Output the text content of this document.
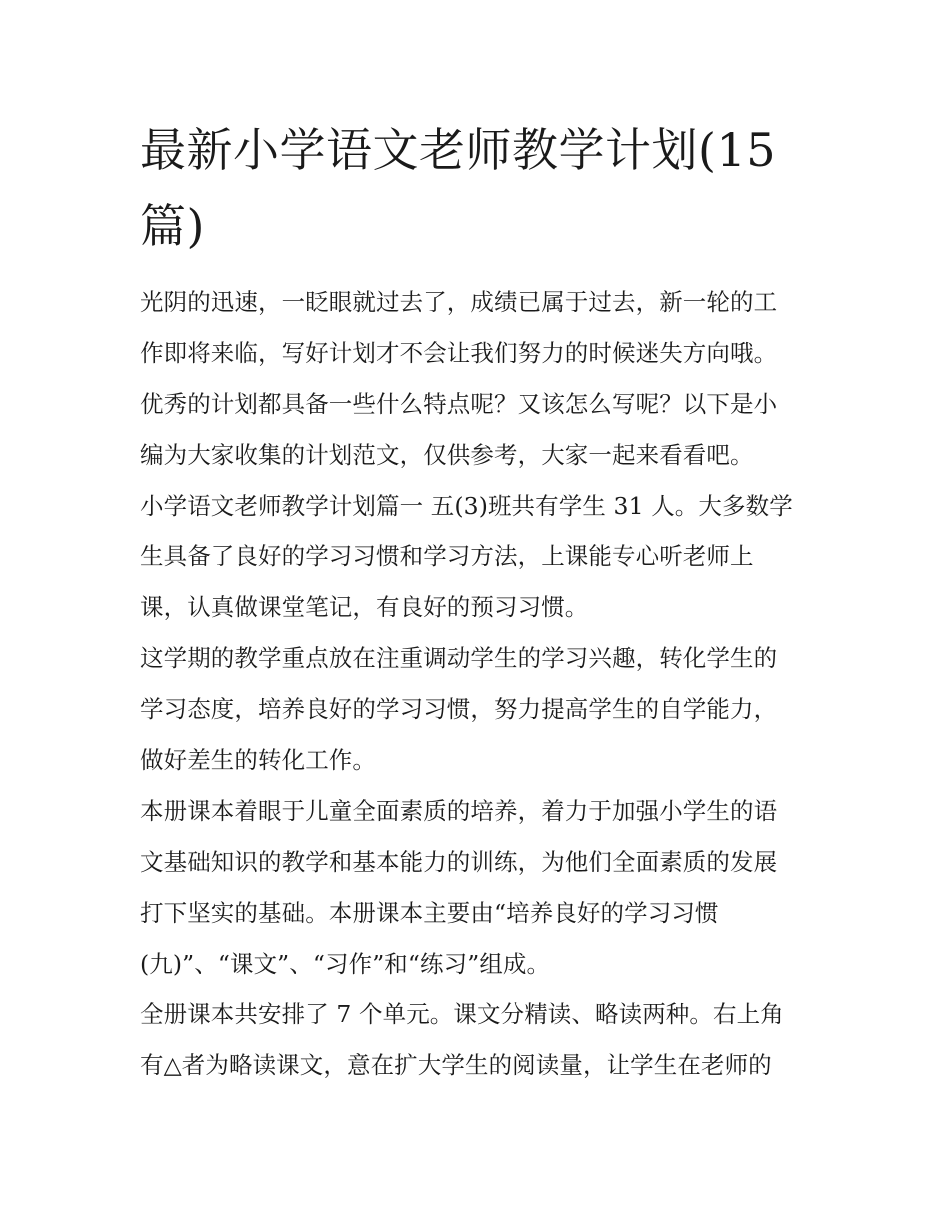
最新小学语文老师教学计划(15
篇)
光阴的迅速，一眨眼就过去了，成绩已属于过去，新一轮的工
作即将来临，写好计划才不会让我们努力的时候迷失方向哦。
优秀的计划都具备一些什么特点呢？又该怎么写呢？以下是小
编为大家收集的计划范文，仅供参考，大家一起来看看吧。
小学语文老师教学计划篇一 五(3)班共有学生 31 人。大多数学
生具备了良好的学习习惯和学习方法，上课能专心听老师上
课，认真做课堂笔记，有良好的预习习惯。
这学期的教学重点放在注重调动学生的学习兴趣，转化学生的
学习态度，培养良好的学习习惯，努力提高学生的自学能力，
做好差生的转化工作。
本册课本着眼于儿童全面素质的培养，着力于加强小学生的语
文基础知识的教学和基本能力的训练，为他们全面素质的发展
打下坚实的基础。本册课本主要由“培养良好的学习习惯
(九)”、“课文”、“习作”和“练习”组成。
全册课本共安排了 7 个单元。课文分精读、略读两种。右上角
有△者为略读课文，意在扩大学生的阅读量，让学生在老师的
